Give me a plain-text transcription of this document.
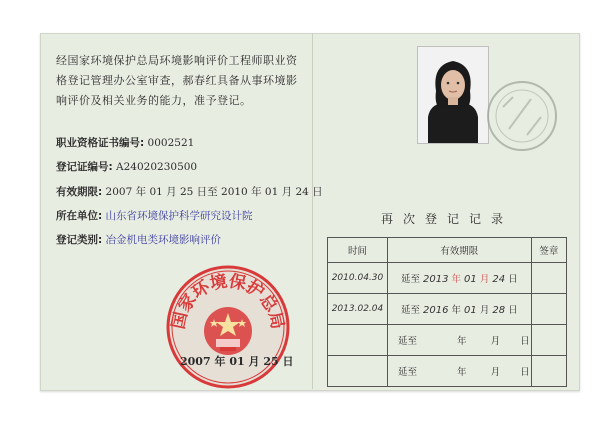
经国家环境保护总局环境影响评价工程师职业资格登记管理办公室审查，郝春红具备从事环境影响评价及相关业务的能力，准予登记。
职业资格证书编号: 0002521
登记证编号: A24020230500
有效期限: 2007 年 01 月 25 日至 2010 年 01 月 24 日
所在单位: 山东省环境保护科学研究设计院
登记类别: 冶金机电类环境影响评价
国家环境保护总局
2007 年 01 月 25 日
再次登记记录
时间	有效期限	签章
2010.04.30	延至 2013 年 01 月 24 日	
2013.02.04	延至 2016 年 01 月 28 日	
	延至 年 月 日	
	延至 年 月 日	
